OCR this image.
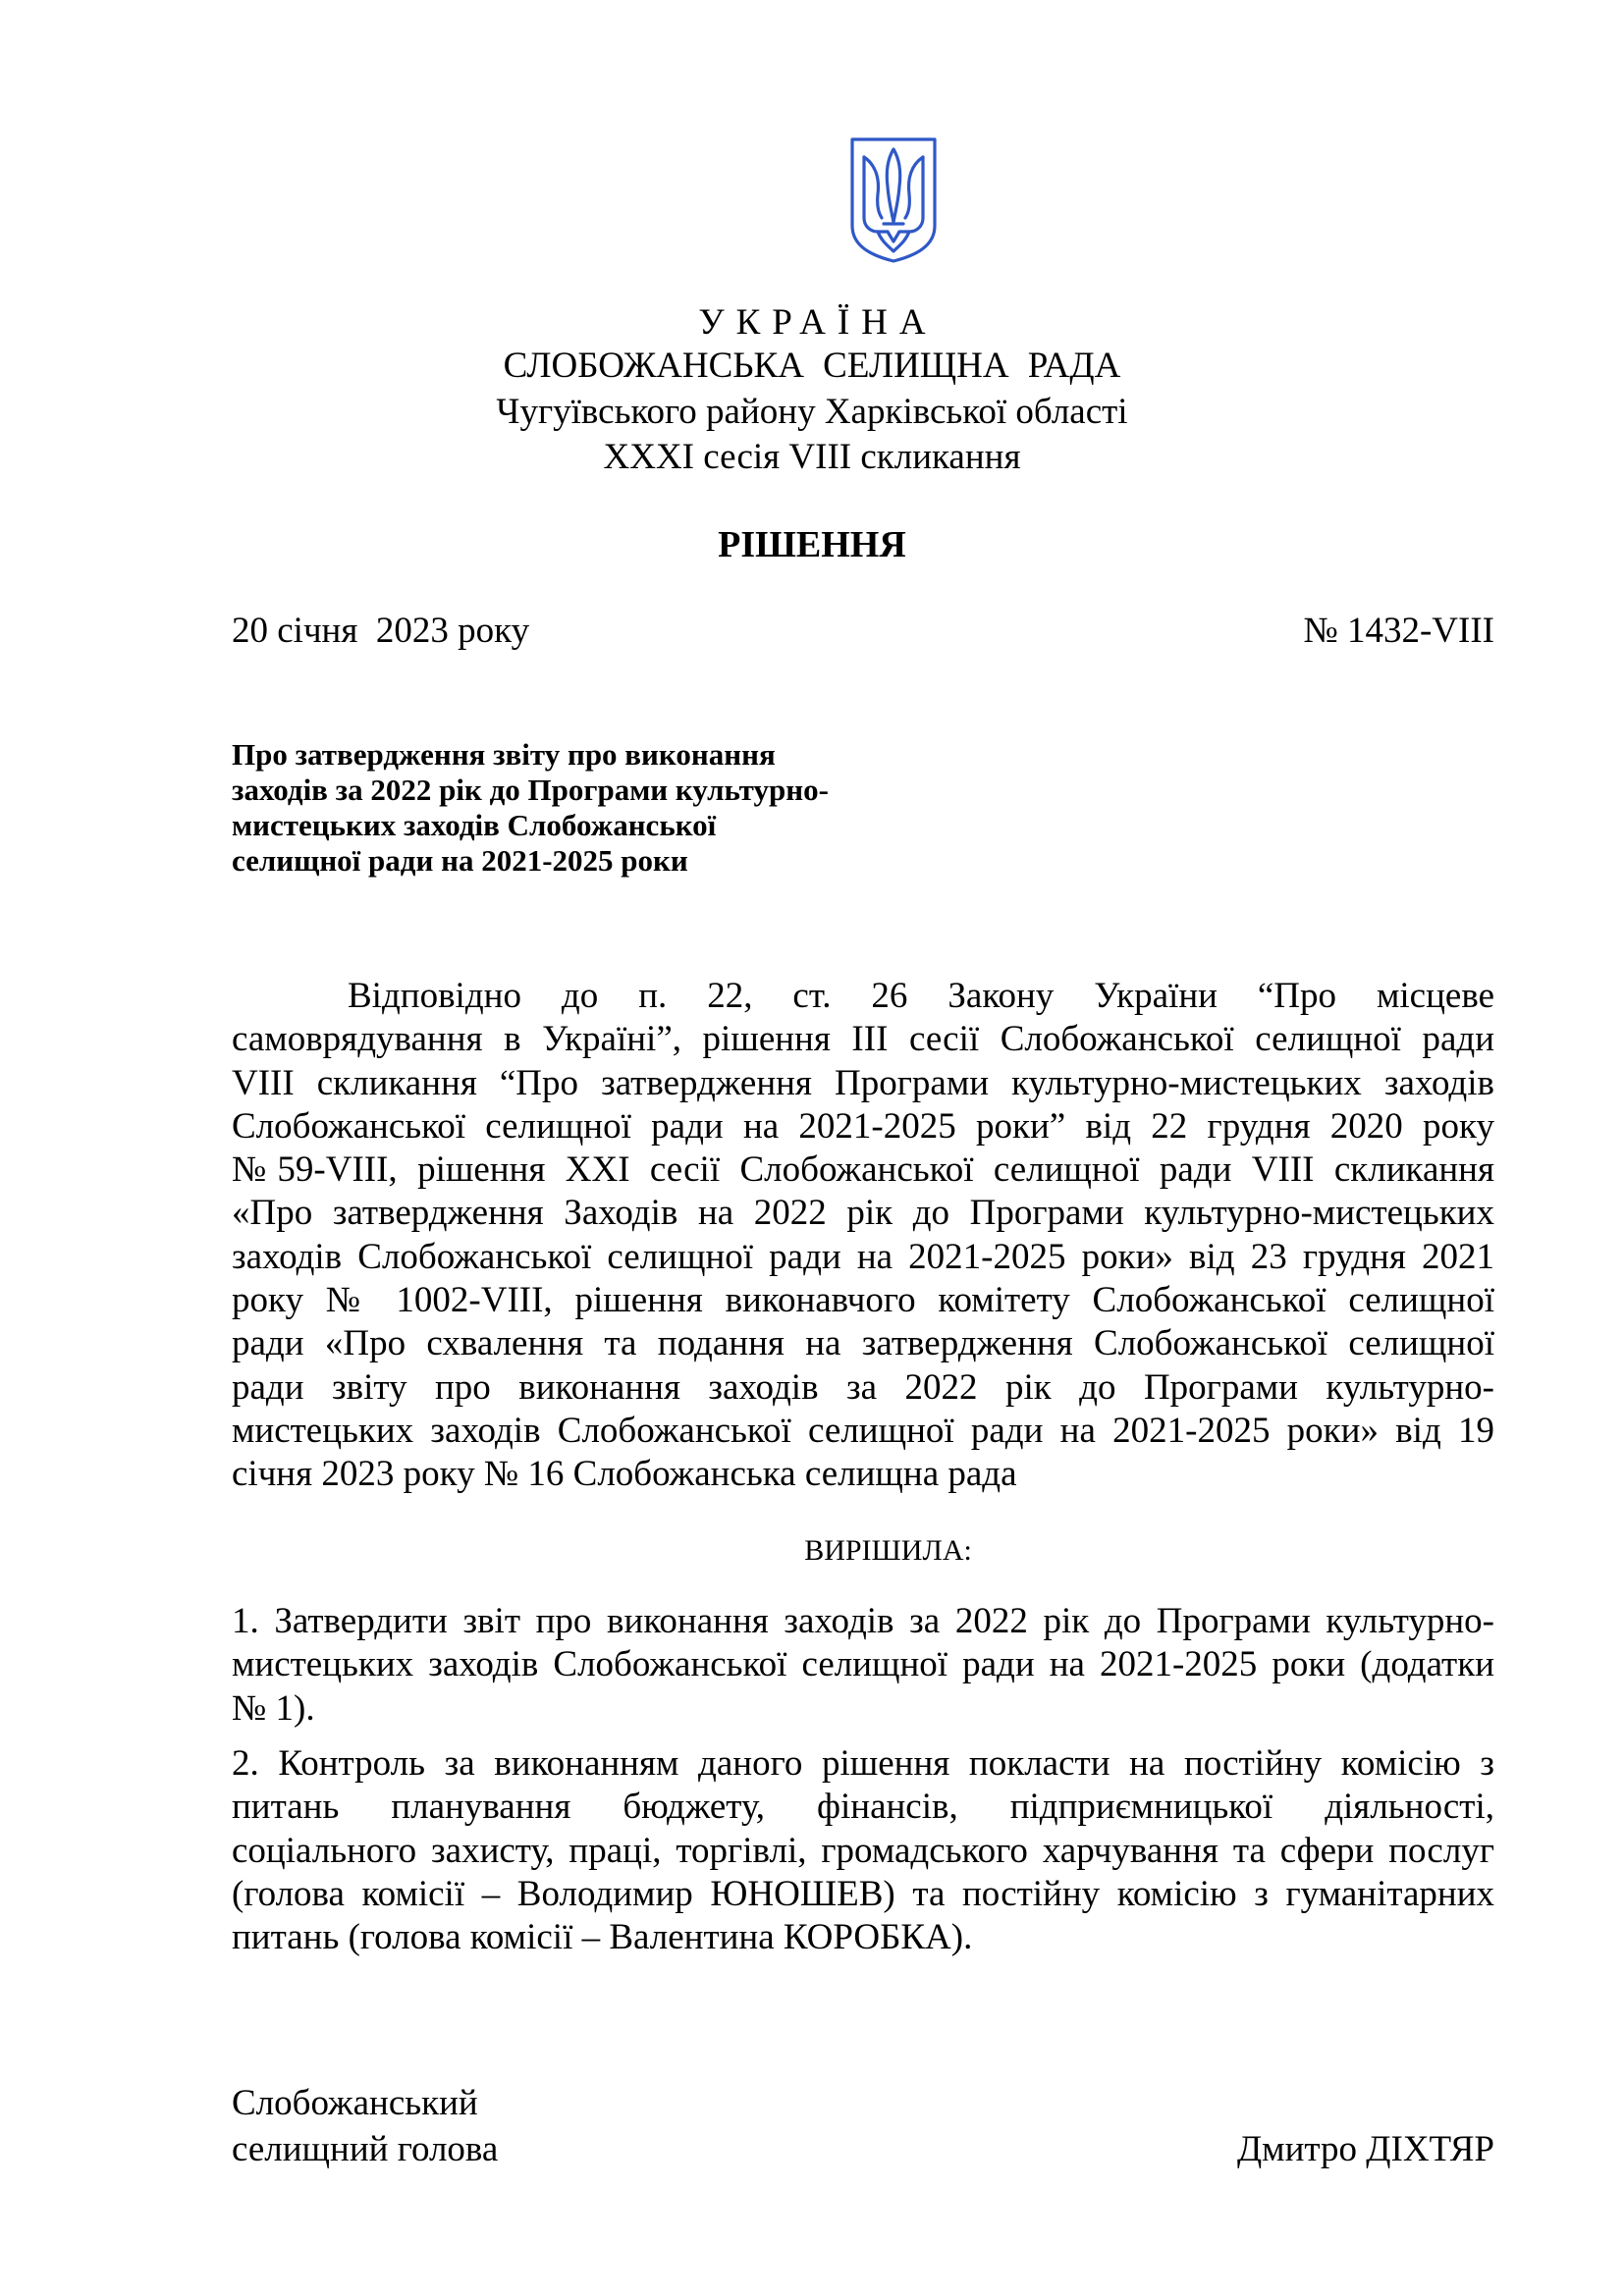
УКРАЇНА
СЛОБОЖАНСЬКА СЕЛИЩНА РАДА
Чугуївського району Харківської області
XXXI сесія VIII скликання
РІШЕННЯ
20 січня  2023 року	№ 1432-VIII
Про затвердження звіту про виконання
заходів за 2022 рік до Програми культурно-
мистецьких заходів Слобожанської
селищної ради на 2021-2025 роки
Відповідно до п. 22, ст. 26 Закону України “Про місцеве
самоврядування в Україні”, рішення ІІІ сесії Слобожанської селищної ради
VIII скликання “Про затвердження Програми культурно-мистецьких заходів
Слобожанської селищної ради на 2021-2025 роки” від 22 грудня 2020 року
№59-VIII, рішення ХХІ сесії Слобожанської селищної ради VIII скликання
«Про затвердження Заходів на 2022 рік до Програми культурно-мистецьких
заходів Слобожанської селищної ради на 2021-2025 роки» від 23 грудня 2021
року № 1002-VIII, рішення виконавчого комітету Слобожанської селищної
ради «Про схвалення та подання на затвердження Слобожанської селищної
ради звіту про виконання заходів за 2022 рік до Програми культурно-
мистецьких заходів Слобожанської селищної ради на 2021-2025 роки» від 19
січня 2023 року № 16 Слобожанська селищна рада
ВИРІШИЛА:
1. Затвердити звіт про виконання заходів за 2022 рік до Програми культурно-
мистецьких заходів Слобожанської селищної ради на 2021-2025 роки (додатки
№ 1).
2. Контроль за виконанням даного рішення покласти на постійну комісію з
питань планування бюджету, фінансів, підприємницької діяльності,
соціального захисту, праці, торгівлі, громадського харчування та сфери послуг
(голова комісії – Володимир ЮНОШЕВ) та постійну комісію з гуманітарних
питань (голова комісії – Валентина КОРОБКА).
Слобожанський
селищний голова	Дмитро ДІХТЯР
